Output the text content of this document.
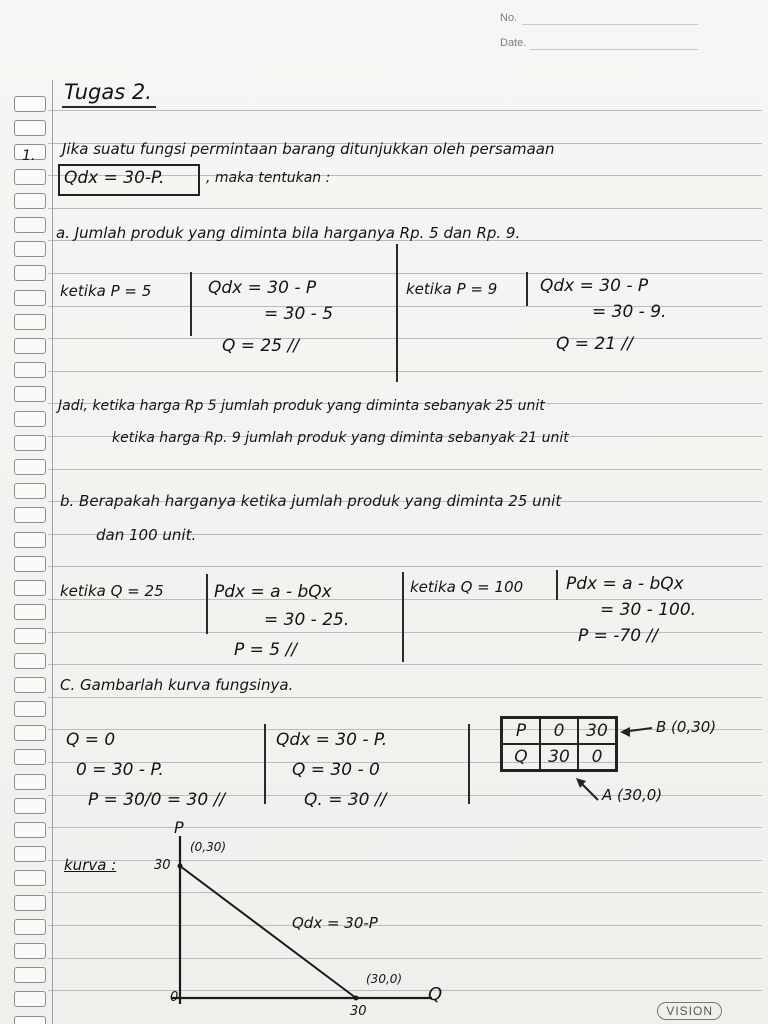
No.
Date.
Tugas 2.
1. Jika suatu fungsi permintaan barang ditunjukkan oleh persamaan
Qdx = 30-P.	, maka tentukan :
a. Jumlah produk yang diminta bila harganya Rp. 5 dan Rp. 9.
ketika P = 5	Qdx = 30 - P
= 30 - 5
Q = 25 //
ketika P = 9	Qdx = 30 - P
= 30 - 9.
Q = 21 //
Jadi, ketika harga Rp 5 jumlah produk yang diminta sebanyak 25 unit
ketika harga Rp. 9 jumlah produk yang diminta sebanyak 21 unit
b. Berapakah harganya ketika jumlah produk yang diminta 25 unit
dan 100 unit.
ketika Q = 25	Pdx = a - bQx
= 30 - 25.
P = 5 //
ketika Q = 100	Pdx = a - bQx
= 30 - 100.
P = -70 //
C. Gambarlah kurva fungsinya.
Q = 0
0 = 30 - P.
P = 30/0 = 30 //
Qdx = 30 - P.
Q = 30 - 0
Q. = 30 //
P	0	30
Q	30	0
B (0,30)
A (30,0)
kurva :
P
30
(0,30)
0
Qdx = 30-P
(30,0)
30
Q
VISION
